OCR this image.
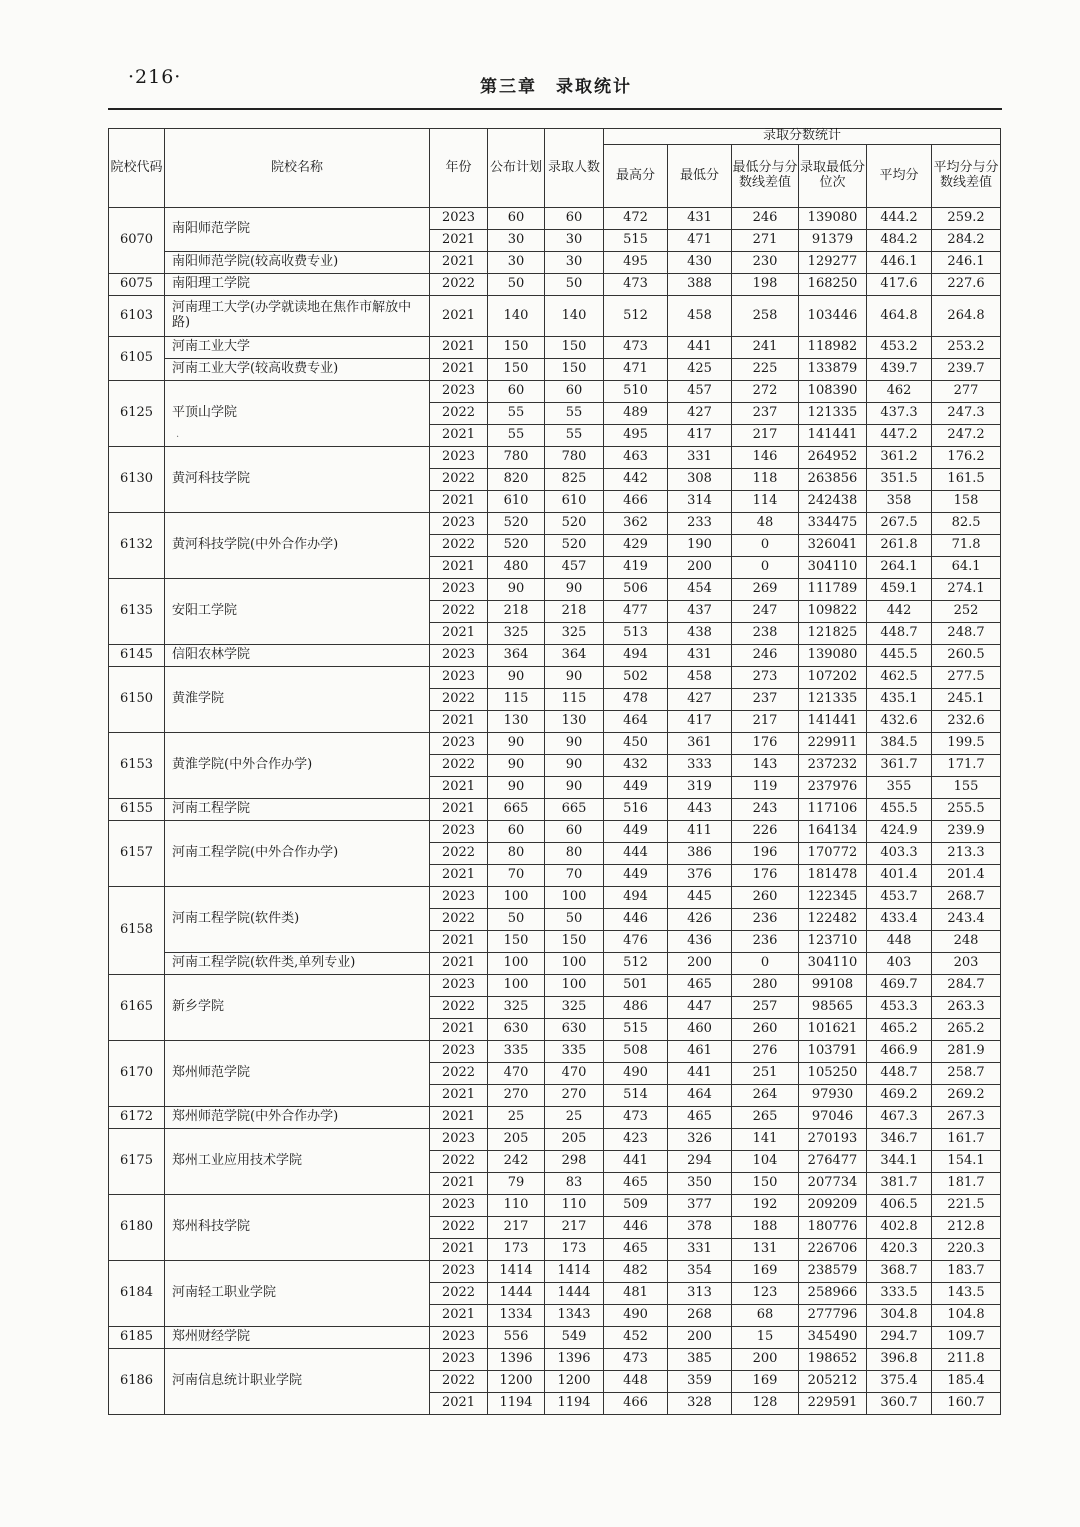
·216·	第三章　录取统计
院校代码	院校名称	年份	公布计划	录取人数	录取分数统计					
					最高分	最低分	最低分与分数线差值	录取最低分位次	平均分	平均分与分数线差值
6070	南阳师范学院	2023	60	60	472	431	246	139080	444.2	259.2
		2021	30	30	515	471	271	91379	484.2	284.2
	南阳师范学院(较高收费专业)	2021	30	30	495	430	230	129277	446.1	246.1
6075	南阳理工学院	2022	50	50	473	388	198	168250	417.6	227.6
6103	河南理工大学(办学就读地在焦作市解放中路)	2021	140	140	512	458	258	103446	464.8	264.8
6105	河南工业大学	2021	150	150	473	441	241	118982	453.2	253.2
	河南工业大学(较高收费专业)	2021	150	150	471	425	225	133879	439.7	239.7
6125	平顶山学院	2023	60	60	510	457	272	108390	462	277
		2022	55	55	489	427	237	121335	437.3	247.3
		2021	55	55	495	417	217	141441	447.2	247.2
6130	黄河科技学院	2023	780	780	463	331	146	264952	361.2	176.2
		2022	820	825	442	308	118	263856	351.5	161.5
		2021	610	610	466	314	114	242438	358	158
6132	黄河科技学院(中外合作办学)	2023	520	520	362	233	48	334475	267.5	82.5
		2022	520	520	429	190	0	326041	261.8	71.8
		2021	480	457	419	200	0	304110	264.1	64.1
6135	安阳工学院	2023	90	90	506	454	269	111789	459.1	274.1
		2022	218	218	477	437	247	109822	442	252
		2021	325	325	513	438	238	121825	448.7	248.7
6145	信阳农林学院	2023	364	364	494	431	246	139080	445.5	260.5
6150	黄淮学院	2023	90	90	502	458	273	107202	462.5	277.5
		2022	115	115	478	427	237	121335	435.1	245.1
		2021	130	130	464	417	217	141441	432.6	232.6
6153	黄淮学院(中外合作办学)	2023	90	90	450	361	176	229911	384.5	199.5
		2022	90	90	432	333	143	237232	361.7	171.7
		2021	90	90	449	319	119	237976	355	155
6155	河南工程学院	2021	665	665	516	443	243	117106	455.5	255.5
6157	河南工程学院(中外合作办学)	2023	60	60	449	411	226	164134	424.9	239.9
		2022	80	80	444	386	196	170772	403.3	213.3
		2021	70	70	449	376	176	181478	401.4	201.4
6158	河南工程学院(软件类)	2023	100	100	494	445	260	122345	453.7	268.7
		2022	50	50	446	426	236	122482	433.4	243.4
		2021	150	150	476	436	236	123710	448	248
	河南工程学院(软件类,单列专业)	2021	100	100	512	200	0	304110	403	203
6165	新乡学院	2023	100	100	501	465	280	99108	469.7	284.7
		2022	325	325	486	447	257	98565	453.3	263.3
		2021	630	630	515	460	260	101621	465.2	265.2
6170	郑州师范学院	2023	335	335	508	461	276	103791	466.9	281.9
		2022	470	470	490	441	251	105250	448.7	258.7
		2021	270	270	514	464	264	97930	469.2	269.2
6172	郑州师范学院(中外合作办学)	2021	25	25	473	465	265	97046	467.3	267.3
6175	郑州工业应用技术学院	2023	205	205	423	326	141	270193	346.7	161.7
		2022	242	298	441	294	104	276477	344.1	154.1
		2021	79	83	465	350	150	207734	381.7	181.7
6180	郑州科技学院	2023	110	110	509	377	192	209209	406.5	221.5
		2022	217	217	446	378	188	180776	402.8	212.8
		2021	173	173	465	331	131	226706	420.3	220.3
6184	河南轻工职业学院	2023	1414	1414	482	354	169	238579	368.7	183.7
		2022	1444	1444	481	313	123	258966	333.5	143.5
		2021	1334	1343	490	268	68	277796	304.8	104.8
6185	郑州财经学院	2023	556	549	452	200	15	345490	294.7	109.7
6186	河南信息统计职业学院	2023	1396	1396	473	385	200	198652	396.8	211.8
		2022	1200	1200	448	359	169	205212	375.4	185.4
		2021	1194	1194	466	328	128	229591	360.7	160.7
·
